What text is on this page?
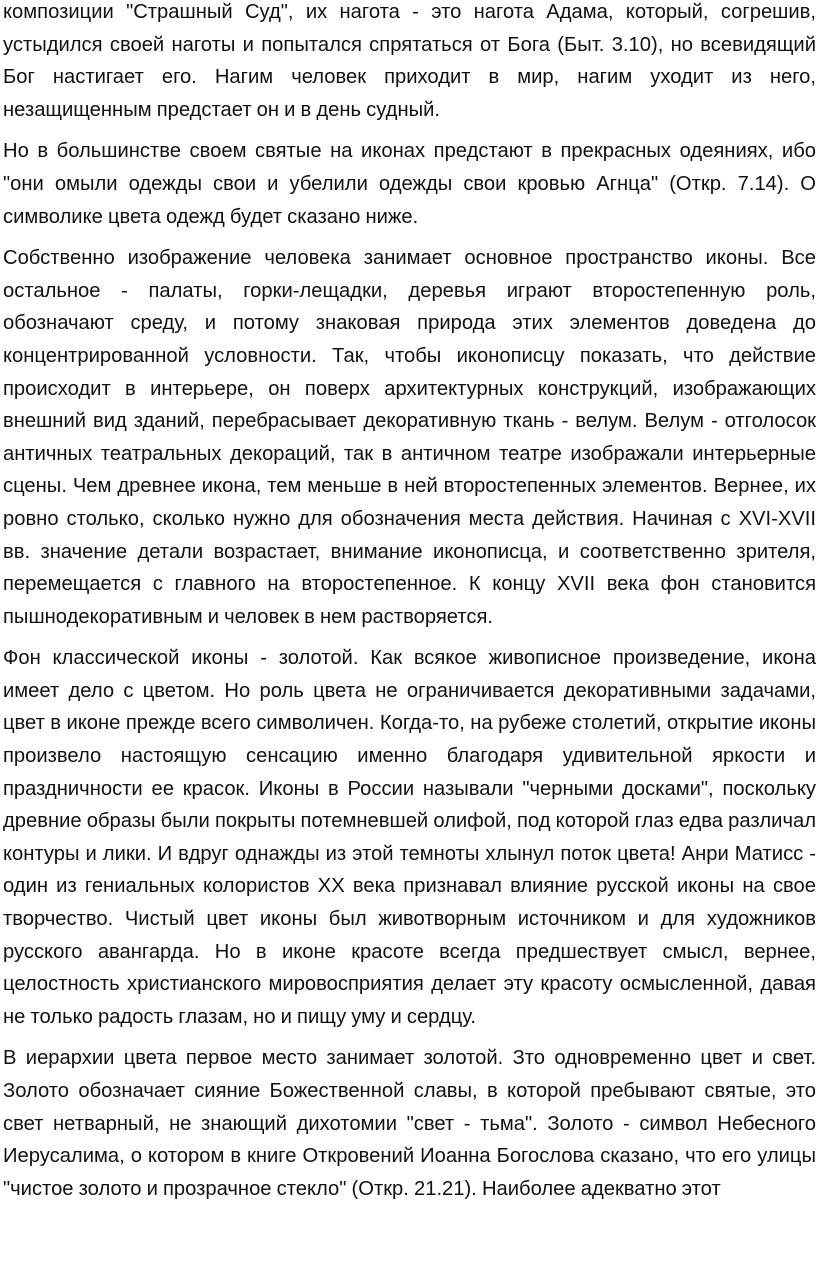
композиции "Страшный Суд", их нагота - это нагота Адама, который, согрешив, устыдился своей наготы и попытался спрятаться от Бога (Быт. 3.10), но всевидящий Бог настигает его. Нагим человек приходит в мир, нагим уходит из него, незащищенным предстает он и в день судный.

Но в большинстве своем святые на иконах предстают в прекрасных одеяниях, ибо "они омыли одежды свои и убелили одежды свои кровью Агнца" (Откр. 7.14). О символике цвета одежд будет сказано ниже.

Собственно изображение человека занимает основное пространство иконы. Все остальное - палаты, горки-лещадки, деревья играют второстепенную роль, обозначают среду, и потому знаковая природа этих элементов доведена до концентрированной условности. Так, чтобы иконописцу показать, что действие происходит в интерьере, он поверх архитектурных конструкций, изображающих внешний вид зданий, перебрасывает декоративную ткань - велум. Велум - отголосок античных театральных декораций, так в античном театре изображали интерьерные сцены. Чем древнее икона, тем меньше в ней второстепенных элементов. Вернее, их ровно столько, сколько нужно для обозначения места действия. Начиная с XVI-XVII вв. значение детали возрастает, внимание иконописца, и соответственно зрителя, перемещается с главного на второстепенное. К концу XVII века фон становится пышнодекоративным и человек в нем растворяется.

Фон классической иконы - золотой. Как всякое живописное произведение, икона имеет дело с цветом. Но роль цвета не ограничивается декоративными задачами, цвет в иконе прежде всего символичен. Когда-то, на рубеже столетий, открытие иконы произвело настоящую сенсацию именно благодаря удивительной яркости и праздничности ее красок. Иконы в России называли "черными досками", поскольку древние образы были покрыты потемневшей олифой, под которой глаз едва различал контуры и лики. И вдруг однажды из этой темноты хлынул поток цвета! Анри Матисс - один из гениальных колористов XX века признавал влияние русской иконы на свое творчество. Чистый цвет иконы был животворным источником и для художников русского авангарда. Но в иконе красоте всегда предшествует смысл, вернее, целостность христианского мировосприятия делает эту красоту осмысленной, давая не только радость глазам, но и пищу уму и сердцу.

В иерархии цвета первое место занимает золотой. Зто одновременно цвет и свет. Золото обозначает сияние Божественной славы, в которой пребывают святые, это свет нетварный, не знающий дихотомии "свет - тьма". Золото - символ Небесного Иерусалима, о котором в книге Откровений Иоанна Богослова сказано, что его улицы "чистое золото и прозрачное стекло" (Откр. 21.21). Наиболее адекватно этот
